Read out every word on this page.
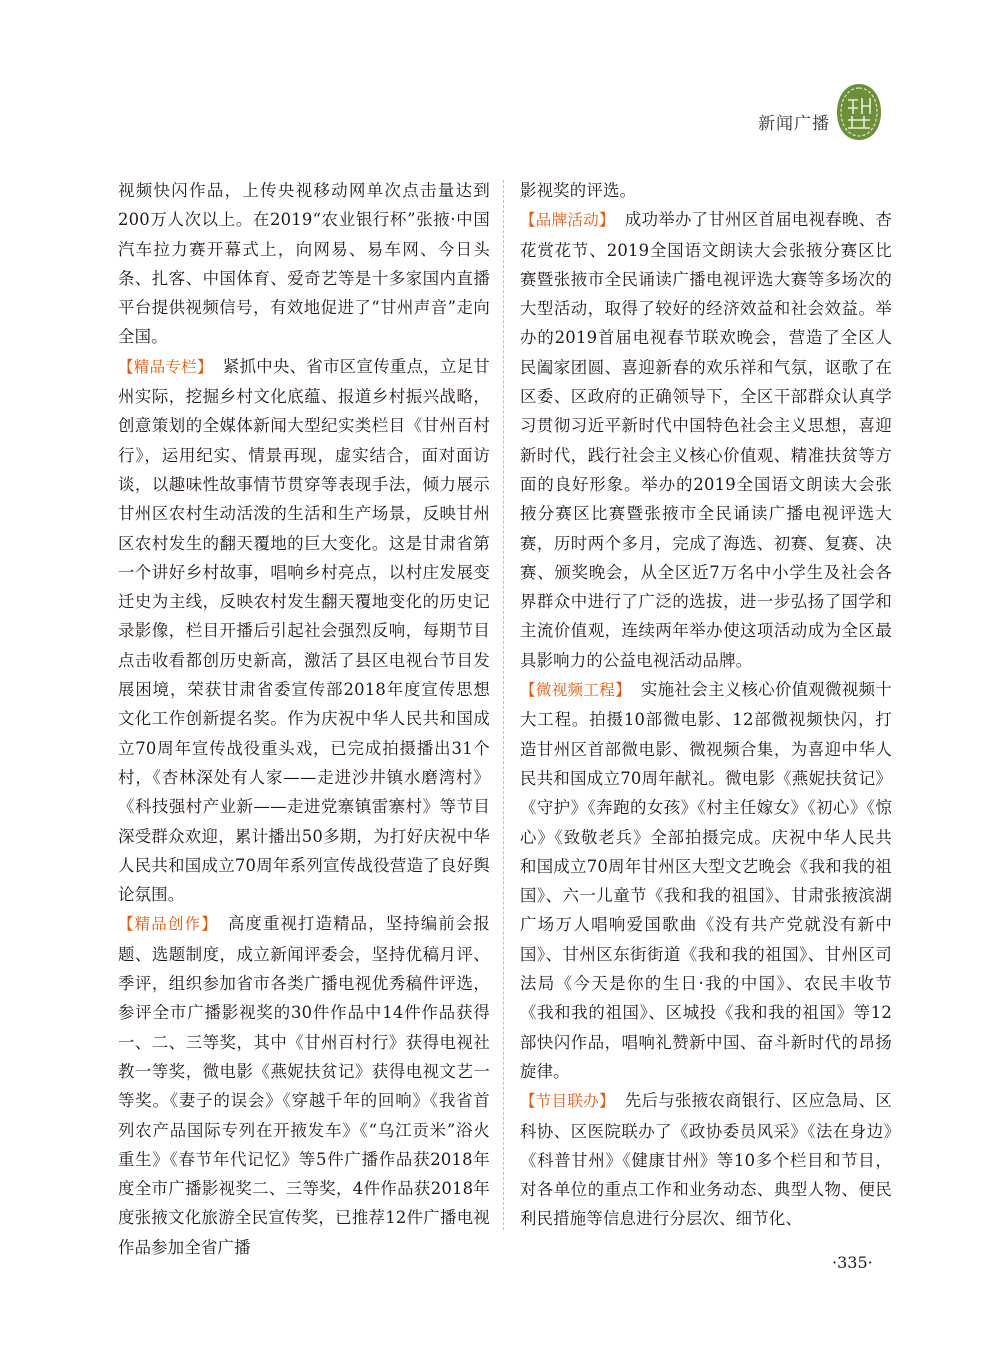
新闻广播

视频快闪作品，上传央视移动网单次点击量达到200万人次以上。在2019“农业银行杯”张掖·中国汽车拉力赛开幕式上，向网易、易车网、今日头条、扎客、中国体育、爱奇艺等是十多家国内直播平台提供视频信号，有效地促进了“甘州声音”走向全国。

【精品专栏】 紧抓中央、省市区宣传重点，立足甘州实际，挖掘乡村文化底蕴、报道乡村振兴战略，创意策划的全媒体新闻大型纪实类栏目《甘州百村行》，运用纪实、情景再现，虚实结合，面对面访谈，以趣味性故事情节贯穿等表现手法，倾力展示甘州区农村生动活泼的生活和生产场景，反映甘州区农村发生的翻天覆地的巨大变化。这是甘肃省第一个讲好乡村故事，唱响乡村亮点，以村庄发展变迁史为主线，反映农村发生翻天覆地变化的历史记录影像，栏目开播后引起社会强烈反响，每期节目点击收看都创历史新高，激活了县区电视台节目发展困境，荣获甘肃省委宣传部2018年度宣传思想文化工作创新提名奖。作为庆祝中华人民共和国成立70周年宣传战役重头戏，已完成拍摄播出31个村，《杏林深处有人家——走进沙井镇水磨湾村》《科技强村产业新——走进党寨镇雷寨村》等节目深受群众欢迎，累计播出50多期，为打好庆祝中华人民共和国成立70周年系列宣传战役营造了良好舆论氛围。

【精品创作】 高度重视打造精品，坚持编前会报题、选题制度，成立新闻评委会，坚持优稿月评、季评，组织参加省市各类广播电视优秀稿件评选，参评全市广播影视奖的30件作品中14件作品获得一、二、三等奖，其中《甘州百村行》获得电视社教一等奖，微电影《燕妮扶贫记》获得电视文艺一等奖。《妻子的误会》《穿越千年的回响》《我省首列农产品国际专列在开掖发车》《“乌江贡米”浴火重生》《春节年代记忆》等5件广播作品获2018年度全市广播影视奖二、三等奖，4件作品获2018年度张掖文化旅游全民宣传奖，已推荐12件广播电视作品参加全省广播

影视奖的评选。

【品牌活动】 成功举办了甘州区首届电视春晚、杏花赏花节、2019全国语文朗读大会张掖分赛区比赛暨张掖市全民诵读广播电视评选大赛等多场次的大型活动，取得了较好的经济效益和社会效益。举办的2019首届电视春节联欢晚会，营造了全区人民阖家团圆、喜迎新春的欢乐祥和气氛，讴歌了在区委、区政府的正确领导下，全区干部群众认真学习贯彻习近平新时代中国特色社会主义思想，喜迎新时代，践行社会主义核心价值观、精准扶贫等方面的良好形象。举办的2019全国语文朗读大会张掖分赛区比赛暨张掖市全民诵读广播电视评选大赛，历时两个多月，完成了海选、初赛、复赛、决赛、颁奖晚会，从全区近7万名中小学生及社会各界群众中进行了广泛的选拔，进一步弘扬了国学和主流价值观，连续两年举办使这项活动成为全区最具影响力的公益电视活动品牌。

【微视频工程】 实施社会主义核心价值观微视频十大工程。拍摄10部微电影、12部微视频快闪，打造甘州区首部微电影、微视频合集，为喜迎中华人民共和国成立70周年献礼。微电影《燕妮扶贫记》《守护》《奔跑的女孩》《村主任嫁女》《初心》《惊心》《致敬老兵》全部拍摄完成。庆祝中华人民共和国成立70周年甘州区大型文艺晚会《我和我的祖国》、六一儿童节《我和我的祖国》、甘肃张掖滨湖广场万人唱响爱国歌曲《没有共产党就没有新中国》、甘州区东街街道《我和我的祖国》、甘州区司法局《今天是你的生日·我的中国》、农民丰收节《我和我的祖国》、区城投《我和我的祖国》等12部快闪作品，唱响礼赞新中国、奋斗新时代的昂扬旋律。

【节目联办】 先后与张掖农商银行、区应急局、区科协、区医院联办了《政协委员风采》《法在身边》《科普甘州》《健康甘州》等10多个栏目和节目，对各单位的重点工作和业务动态、典型人物、便民利民措施等信息进行分层次、细节化、

·335·
